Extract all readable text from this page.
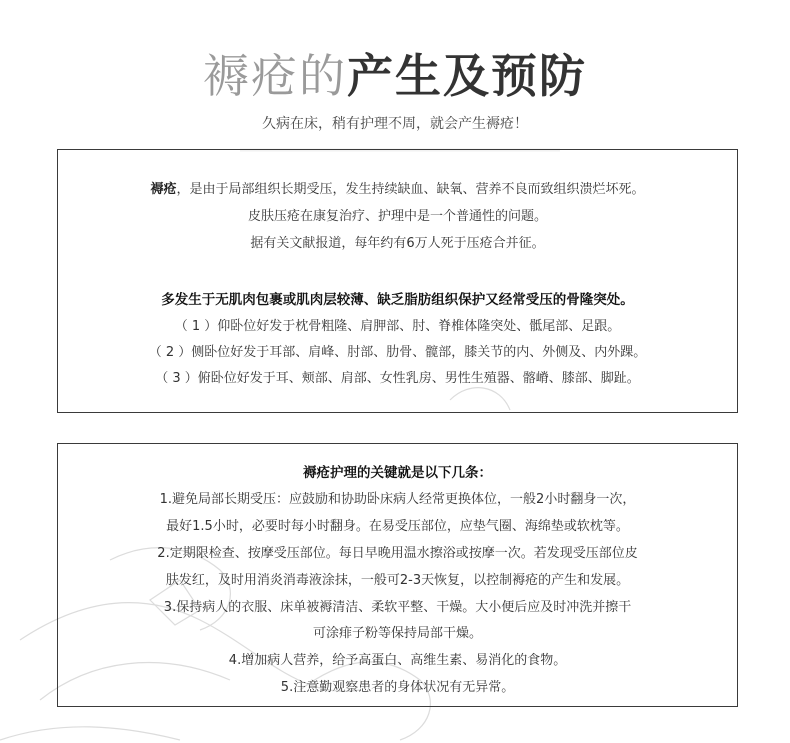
褥疮的产生及预防
久病在床，稍有护理不周，就会产生褥疮！
褥疮，是由于局部组织长期受压，发生持续缺血、缺氧、营养不良而致组织溃烂坏死。
皮肤压疮在康复治疗、护理中是一个普通性的问题。
据有关文献报道，每年约有6万人死于压疮合并征。
多发生于无肌肉包裹或肌肉层较薄、缺乏脂肪组织保护又经常受压的骨隆突处。
（ 1 ）仰卧位好发于枕骨粗隆、肩胛部、肘、脊椎体隆突处、骶尾部、足跟。
（ 2 ）侧卧位好发于耳部、肩峰、肘部、肋骨、髋部，膝关节的内、外侧及、内外踝。
（ 3 ）俯卧位好发于耳、颊部、肩部、女性乳房、男性生殖器、髂嵴、膝部、脚趾。
褥疮护理的关键就是以下几条：
1.避免局部长期受压：应鼓励和协助卧床病人经常更换体位，一般2小时翻身一次，
最好1.5小时，必要时每小时翻身。在易受压部位，应垫气圈、海绵垫或软枕等。
2.定期限检查、按摩受压部位。每日早晚用温水擦浴或按摩一次。若发现受压部位皮
肤发红，及时用消炎消毒液涂抹，一般可2-3天恢复，以控制褥疮的产生和发展。
3.保持病人的衣服、床单被褥清洁、柔软平整、干燥。大小便后应及时冲洗并擦干
可涂痱子粉等保持局部干燥。
4.增加病人营养，给予高蛋白、高维生素、易消化的食物。
5.注意勤观察患者的身体状况有无异常。
